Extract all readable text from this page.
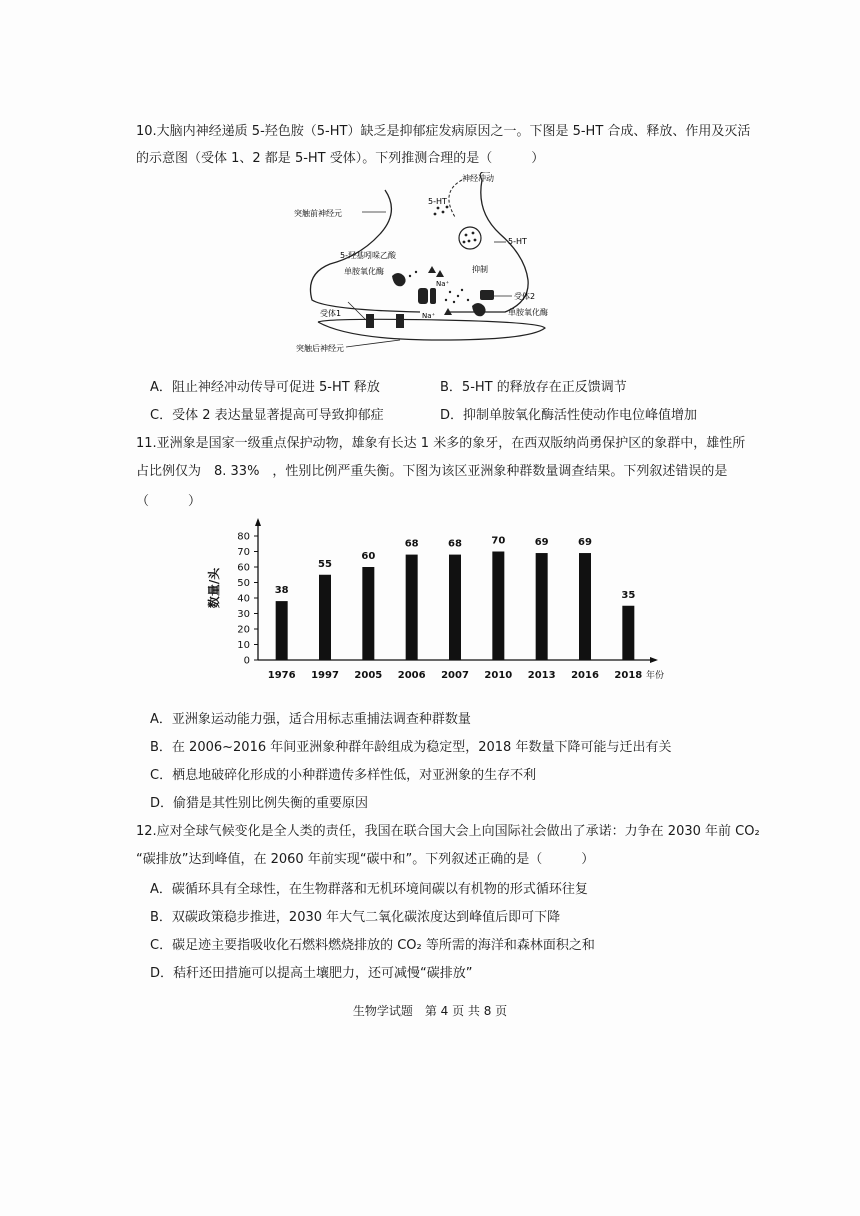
10.大脑内神经递质 5-羟色胺（5-HT）缺乏是抑郁症发病原因之一。下图是 5-HT 合成、释放、作用及灭活
的示意图（受体 1、2 都是 5-HT 受体）。下列推测合理的是（　　　）
神经冲动
5-HT
突触前神经元
5-HT
5-羟基吲哚乙酸
单胺氧化酶
Na⁺
抑制
受体2
单胺氧化酶
Na⁺
受体1
突触后神经元
A．阻止神经冲动传导可促进 5-HT 释放	B．5-HT 的释放存在正反馈调节
C．受体 2 表达量显著提高可导致抑郁症	D．抑制单胺氧化酶活性使动作电位峰值增加
11.亚洲象是国家一级重点保护动物，雄象有长达 1 米多的象牙，在西双版纳尚勇保护区的象群中，雄性所
占比例仅为　8. 33%　，性别比例严重失衡。下图为该区亚洲象种群数量调查结果。下列叙述错误的是
（　　　）
0
10
20
30
40
50
60
70
80
数量/头	38
1976
55
1997
60
2005
68
2006
68
2007
70
2010
69
2013
69
2016
35
2018 年份
A．亚洲象运动能力强，适合用标志重捕法调查种群数量
B．在 2006~2016 年间亚洲象种群年龄组成为稳定型，2018 年数量下降可能与迁出有关
C．栖息地破碎化形成的小种群遗传多样性低，对亚洲象的生存不利
D．偷猎是其性别比例失衡的重要原因
12.应对全球气候变化是全人类的责任，我国在联合国大会上向国际社会做出了承诺：力争在 2030 年前 CO₂
“碳排放”达到峰值，在 2060 年前实现“碳中和”。下列叙述正确的是（　　　）
A．碳循环具有全球性，在生物群落和无机环境间碳以有机物的形式循环往复
B．双碳政策稳步推进，2030 年大气二氧化碳浓度达到峰值后即可下降
C．碳足迹主要指吸收化石燃料燃烧排放的 CO₂ 等所需的海洋和森林面积之和
D．秸秆还田措施可以提高土壤肥力，还可减慢“碳排放”
生物学试题　第 4 页 共 8 页
